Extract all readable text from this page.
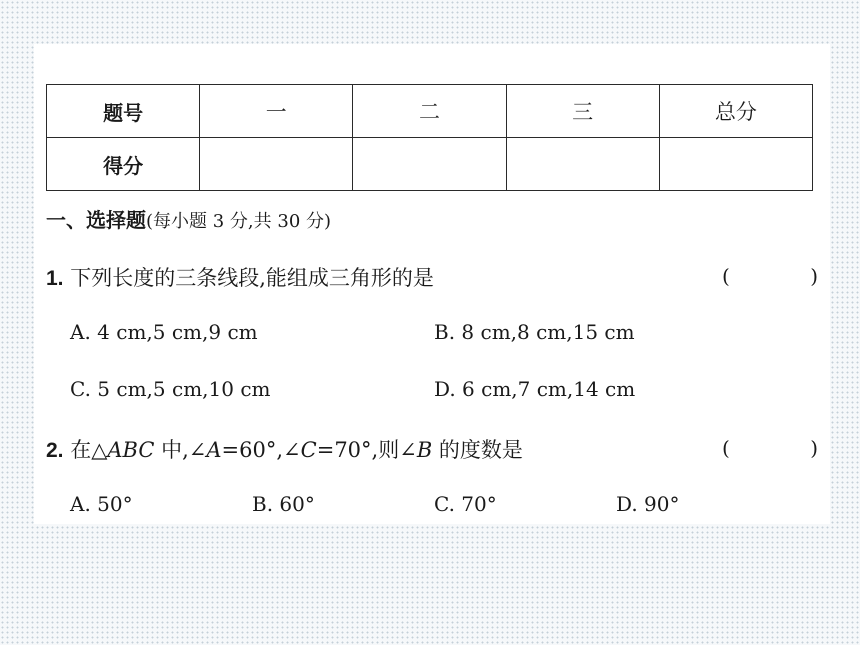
题号	一	二	三	总分
得分				
一、选择题(每小题 3 分,共 30 分)
1. 下列长度的三条线段,能组成三角形的是	(	)
A. 4 cm,5 cm,9 cm	B. 8 cm,8 cm,15 cm
C. 5 cm,5 cm,10 cm	D. 6 cm,7 cm,14 cm
2. 在△ABC 中,∠A=60°,∠C=70°,则∠B 的度数是	(	)
A. 50°	B. 60°	C. 70°	D. 90°
